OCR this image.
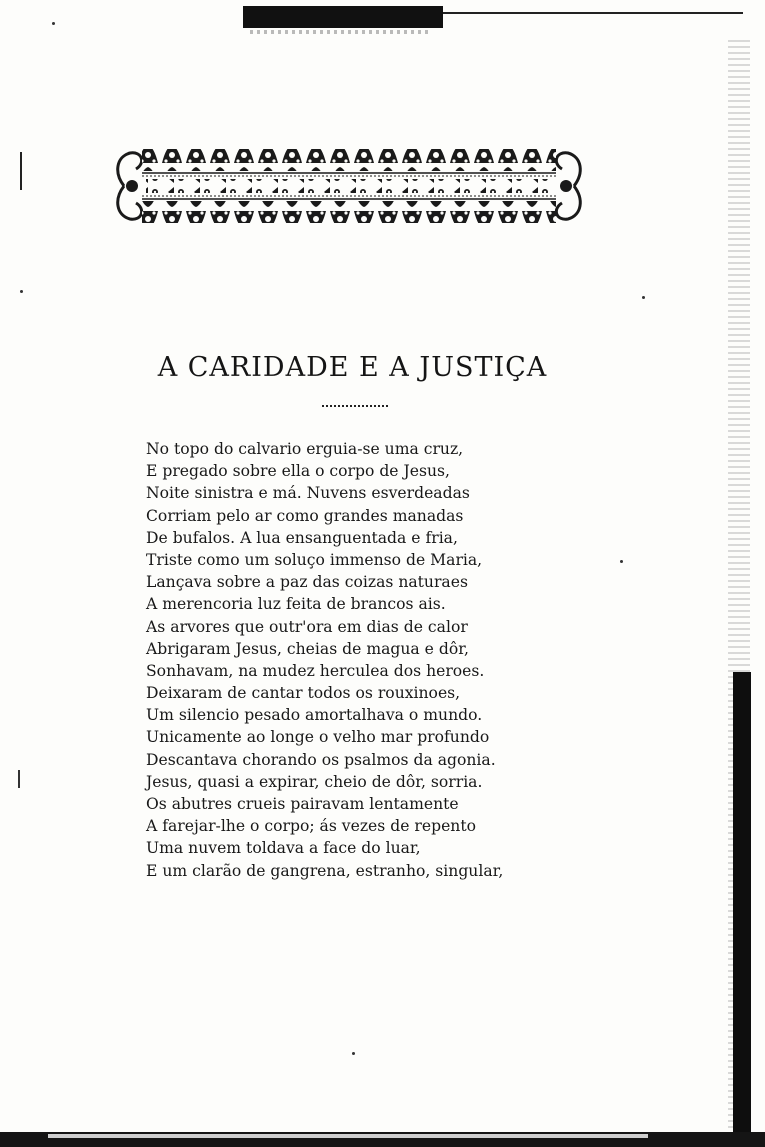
A CARIDADE E A JUSTIÇA
No topo do calvario erguia-se uma cruz,
E pregado sobre ella o corpo de Jesus,
Noite sinistra e má. Nuvens esverdeadas
Corriam pelo ar como grandes manadas
De bufalos. A lua ensanguentada e fria,
Triste como um soluço immenso de Maria,
Lançava sobre a paz das coizas naturaes
A merencoria luz feita de brancos ais.
As arvores que outr'ora em dias de calor
Abrigaram Jesus, cheias de magua e dôr,
Sonhavam, na mudez herculea dos heroes.
Deixaram de cantar todos os rouxinoes,
Um silencio pesado amortalhava o mundo.
Unicamente ao longe o velho mar profundo
Descantava chorando os psalmos da agonia.
Jesus, quasi a expirar, cheio de dôr, sorria.
Os abutres crueis pairavam lentamente
A farejar-lhe o corpo; ás vezes de repento
Uma nuvem toldava a face do luar,
E um clarão de gangrena, estranho, singular,
